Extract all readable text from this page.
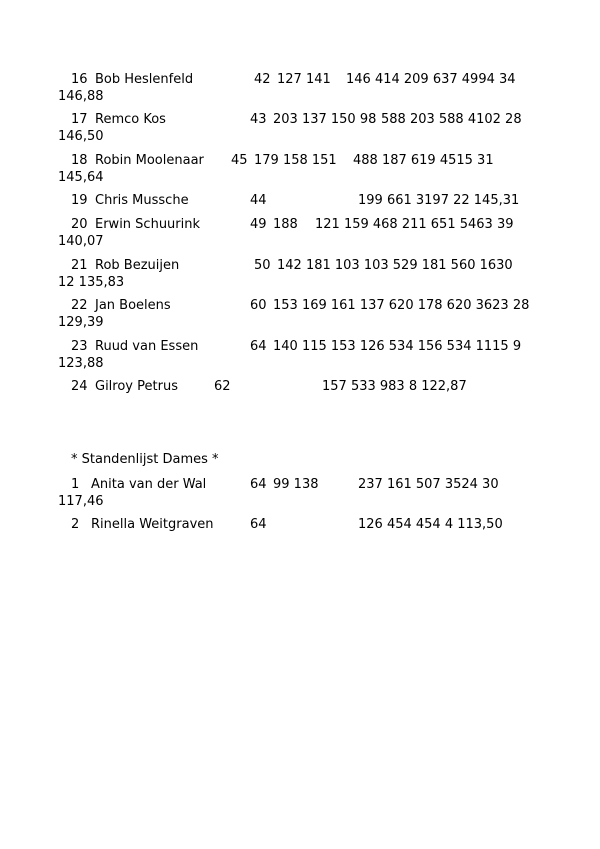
16 Bob Heslenfeld	42 127 141 146 414 209 637 4994 34
146,88
17 Remco Kos	43 203 137 150 98 588 203 588 4102 28
146,50
18 Robin Moolenaar 45 179 158 151 488 187 619 4515 31
145,64
19 Chris Mussche	44	199 661 3197 22 145,31
20 Erwin Schuurink	49 188 121 159 468 211 651 5463 39
140,07
21 Rob Bezuijen	50 142 181 103 103 529 181 560 1630
12 135,83
22 Jan Boelens	60 153 169 161 137 620 178 620 3623 28
129,39
23 Ruud van Essen	64 140 115 153 126 534 156 534 1115 9
123,88
24 Gilroy Petrus	62	157 533 983 8 122,87
* Standenlijst Dames *
1 Anita van der Wal	64 99 138	237 161 507 3524 30
117,46
2 Rinella Weitgraven	64	126 454 454 4 113,50
